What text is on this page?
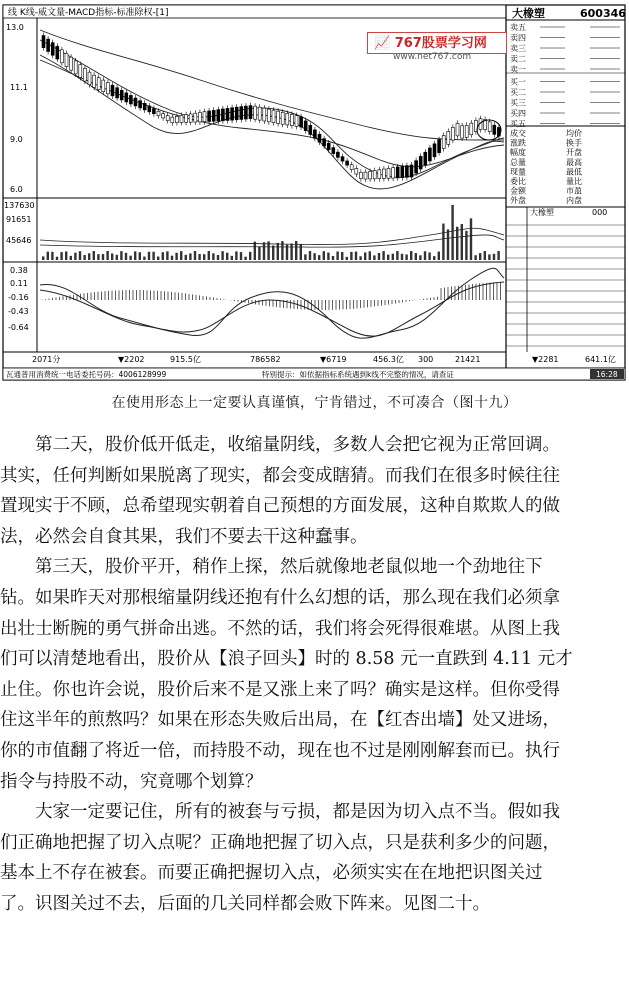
线 K线-威文量-MACD指标-标准除权-[1]
13.0
11.1
9.0
6.0
137630
91651
45646
0.38
0.11
-0.16
-0.43
-0.64
2071分	▼2202	915.5亿	786582	▼6719	456.3亿 300	21421	▼2281	641.1亿
瓦通普用消费统一电话委托号码：4006128999	特别提示：如依据指标系统遇到k线不完整的情况，请查证	16:28
大橡塑	600346
卖五
卖四
卖三
卖二
卖一
买一
买二
买三
买四
买五
成交	均价
涨跌	换手
幅度	开盘
总量	最高
现量	最低
委比	量比
金额	市盈
外盘	内盘
大橡塑	000
📈 767股票学习网
www.net767.com
在使用形态上一定要认真谨慎，宁肯错过，不可凑合（图十九）

第二天，股价低开低走，收缩量阴线，多数人会把它视为正常回调。

其实，任何判断如果脱离了现实，都会变成瞎猜。而我们在很多时候往往

置现实于不顾，总希望现实朝着自己预想的方面发展，这种自欺欺人的做

法，必然会自食其果，我们不要去干这种蠢事。

第三天，股价平开，稍作上探，然后就像地老鼠似地一个劲地往下

钻。如果昨天对那根缩量阴线还抱有什么幻想的话，那么现在我们必须拿

出壮士断腕的勇气拼命出逃。不然的话，我们将会死得很难堪。从图上我

们可以清楚地看出，股价从【浪子回头】时的 8.58 元一直跌到 4.11 元才

止住。你也许会说，股价后来不是又涨上来了吗？确实是这样。但你受得

住这半年的煎熬吗？如果在形态失败后出局，在【红杏出墙】处又进场，

你的市值翻了将近一倍，而持股不动，现在也不过是刚刚解套而已。执行

指令与持股不动，究竟哪个划算？

大家一定要记住，所有的被套与亏损，都是因为切入点不当。假如我

们正确地把握了切入点呢？正确地把握了切入点，只是获利多少的问题，

基本上不存在被套。而要正确把握切入点，必须实实在在地把识图关过

了。识图关过不去，后面的几关同样都会败下阵来。见图二十。
